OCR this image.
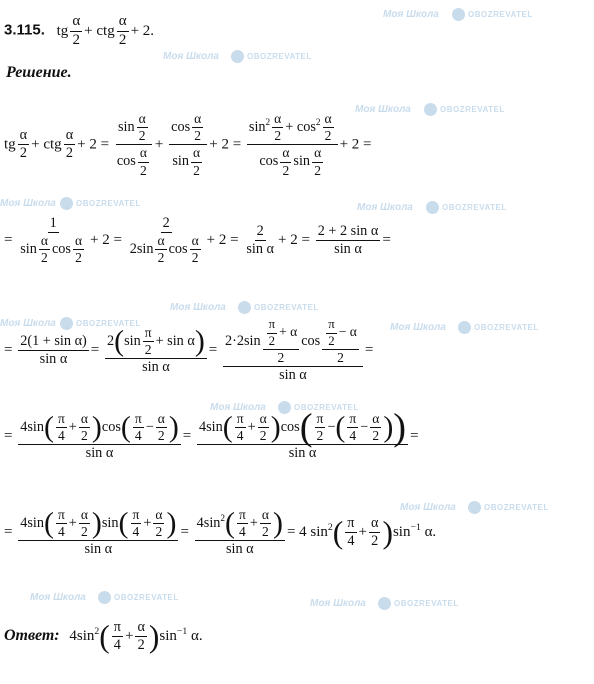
Моя Школа	OBOZREVATEL
Моя Школа	OBOZREVATEL
Моя Школа	OBOZREVATEL
Моя Школа	OBOZREVATEL
Моя Школа	OBOZREVATEL
Моя Школа	OBOZREVATEL
Моя Школа	OBOZREVATEL	Моя Школа	OBOZREVATEL
Моя Школа	OBOZREVATEL
Моя Школа	OBOZREVATEL
Моя Школа	OBOZREVATEL
Моя Школа	OBOZREVATEL
3.115. tg $\frac{\alpha}{2}$ + ctg $\frac{\alpha}{2} + 2$.
Решение.
tg $\frac{\alpha}{2}$ + ctg $\frac{\alpha}{2} + 2 = \frac{\sin \frac{\alpha}{2}}{\cos \frac{\alpha}{2}} + \frac{\cos \frac{\alpha}{2}}{\sin \frac{\alpha}{2}} + 2 = \frac{\sin^2 \frac{\alpha}{2} + \cos^2 \frac{\alpha}{2}}{\cos \frac{\alpha}{2} \sin \frac{\alpha}{2}} + 2$ =
= $\frac{1}{\sin \frac{\alpha}{2} \cos \frac{\alpha}{2}} + 2 = \frac{2}{2\sin \frac{\alpha}{2} \cos \frac{\alpha}{2}} + 2 = \frac{2}{\text{sin α}} + 2 = \frac{\text{2 + 2 sin α}}{\text{sin α}}$ =
= $\frac{\text{2(1 + sin α)}}{\text{sin α}} = \frac{2(\sin \frac{\pi}{2} + \sin \alpha)}{\text{sin α}} = \frac{2\cdot 2\sin \frac{\frac{\pi}{2} + \alpha}{2} \cos \frac{\frac{\pi}{2} - \alpha}{2}}{\text{sin α}}$ =
= $\frac{4\sin( \frac{\pi}{4} + \frac{\alpha}{2} )\cos( \frac{\pi}{4} - \frac{\alpha}{2} )}{\text{sin α}} = \frac{4\sin( \frac{\pi}{4} + \frac{\alpha}{2} )\cos( \frac{\pi}{2} -( \frac{\pi}{4} - \frac{\alpha}{2} ))}{\text{sin α}}$ =
= $\frac{4\sin( \frac{\pi}{4} + \frac{\alpha}{2} )\sin( \frac{\pi}{4} + \frac{\alpha}{2} )}{\text{sin α}} = \frac{4\sin^2( \frac{\pi}{4} + \frac{\alpha}{2} )}{\text{sin α}} = 4$ $\sin^2( \frac{\pi}{4} + \frac{\alpha}{2} )\sin^{-1}$ α.
Ответ: $4\sin^2( \frac{\pi}{4} + \frac{\alpha}{2} )\sin^{-1}$ α.
